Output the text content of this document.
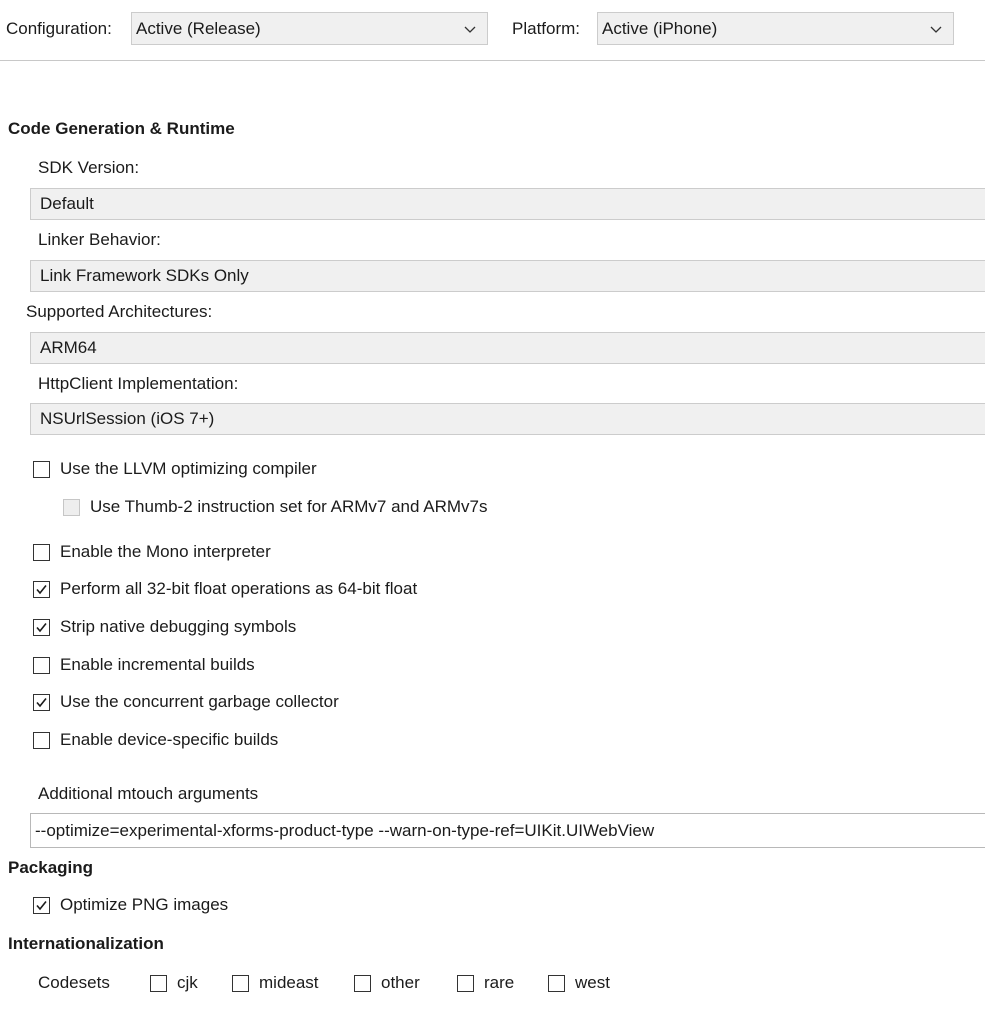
Configuration: Active (Release)	Platform: Active (iPhone)
Code Generation & Runtime
SDK Version:
Default
Linker Behavior:
Link Framework SDKs Only
Supported Architectures:
ARM64
HttpClient Implementation:
NSUrlSession (iOS 7+)
Use the LLVM optimizing compiler
Use Thumb-2 instruction set for ARMv7 and ARMv7s
Enable the Mono interpreter
Perform all 32-bit float operations as 64-bit float
Strip native debugging symbols
Enable incremental builds
Use the concurrent garbage collector
Enable device-specific builds
Additional mtouch arguments
--optimize=experimental-xforms-product-type --warn-on-type-ref=UIKit.UIWebView
Packaging
Optimize PNG images
Internationalization
Codesets	cjk	mideast	other	rare	west
